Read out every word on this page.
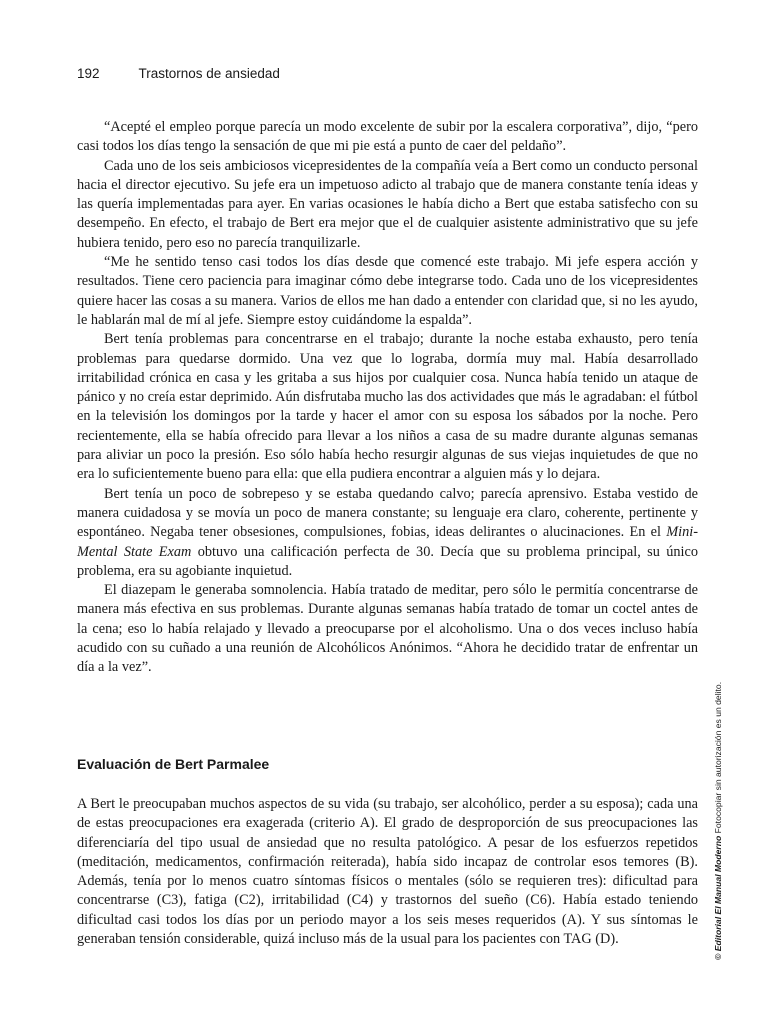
192	Trastornos de ansiedad

“Acepté el empleo porque parecía un modo excelente de subir por la escalera corporativa”, dijo, “pero casi todos los días tengo la sensación de que mi pie está a punto de caer del peldaño”.

Cada uno de los seis ambiciosos vicepresidentes de la compañía veía a Bert como un conducto personal hacia el director ejecutivo. Su jefe era un impetuoso adicto al trabajo que de manera constante tenía ideas y las quería implementadas para ayer. En varias ocasiones le había dicho a Bert que estaba satisfecho con su desempeño. En efecto, el trabajo de Bert era mejor que el de cualquier asistente administrativo que su jefe hubiera tenido, pero eso no parecía tranquilizarle.

“Me he sentido tenso casi todos los días desde que comencé este trabajo. Mi jefe espera acción y resultados. Tiene cero paciencia para imaginar cómo debe integrarse todo. Cada uno de los vicepresidentes quiere hacer las cosas a su manera. Varios de ellos me han dado a entender con claridad que, si no les ayudo, le hablarán mal de mí al jefe. Siempre estoy cuidándome la espalda”.

Bert tenía problemas para concentrarse en el trabajo; durante la noche estaba exhausto, pero tenía problemas para quedarse dormido. Una vez que lo lograba, dormía muy mal. Había desarrollado irritabilidad crónica en casa y les gritaba a sus hijos por cualquier cosa. Nunca había tenido un ataque de pánico y no creía estar deprimido. Aún disfrutaba mucho las dos actividades que más le agradaban: el fútbol en la televisión los domingos por la tarde y hacer el amor con su esposa los sábados por la noche. Pero recientemente, ella se había ofrecido para llevar a los niños a casa de su madre durante algunas semanas para aliviar un poco la presión. Eso sólo había hecho resurgir algunas de sus viejas inquietudes de que no era lo suficientemente bueno para ella: que ella pudiera encontrar a alguien más y lo dejara.

Bert tenía un poco de sobrepeso y se estaba quedando calvo; parecía aprensivo. Estaba vestido de manera cuidadosa y se movía un poco de manera constante; su lenguaje era claro, coherente, pertinente y espontáneo. Negaba tener obsesiones, compulsiones, fobias, ideas delirantes o alucinaciones. En el Mini-Mental State Exam obtuvo una calificación perfecta de 30. Decía que su problema principal, su único problema, era su agobiante inquietud.

El diazepam le generaba somnolencia. Había tratado de meditar, pero sólo le permitía concentrarse de manera más efectiva en sus problemas. Durante algunas semanas había tratado de tomar un coctel antes de la cena; eso lo había relajado y llevado a preocuparse por el alcoholismo. Una o dos veces incluso había acudido con su cuñado a una reunión de Alcohólicos Anónimos. “Ahora he decidido tratar de enfrentar un día a la vez”.

Evaluación de Bert Parmalee

A Bert le preocupaban muchos aspectos de su vida (su trabajo, ser alcohólico, perder a su esposa); cada una de estas preocupaciones era exagerada (criterio A). El grado de desproporción de sus preocupaciones las diferenciaría del tipo usual de ansiedad que no resulta patológico. A pesar de los esfuerzos repetidos (meditación, medicamentos, confirmación reiterada), había sido incapaz de controlar esos temores (B). Además, tenía por lo menos cuatro síntomas físicos o mentales (sólo se requieren tres): dificultad para concentrarse (C3), fatiga (C2), irritabilidad (C4) y trastornos del sueño (C6). Había estado teniendo dificultad casi todos los días por un periodo mayor a los seis meses requeridos (A). Y sus síntomas le generaban tensión considerable, quizá incluso más de la usual para los pacientes con TAG (D).	© Editorial El Manual Moderno Fotocopiar sin autorización es un delito.
